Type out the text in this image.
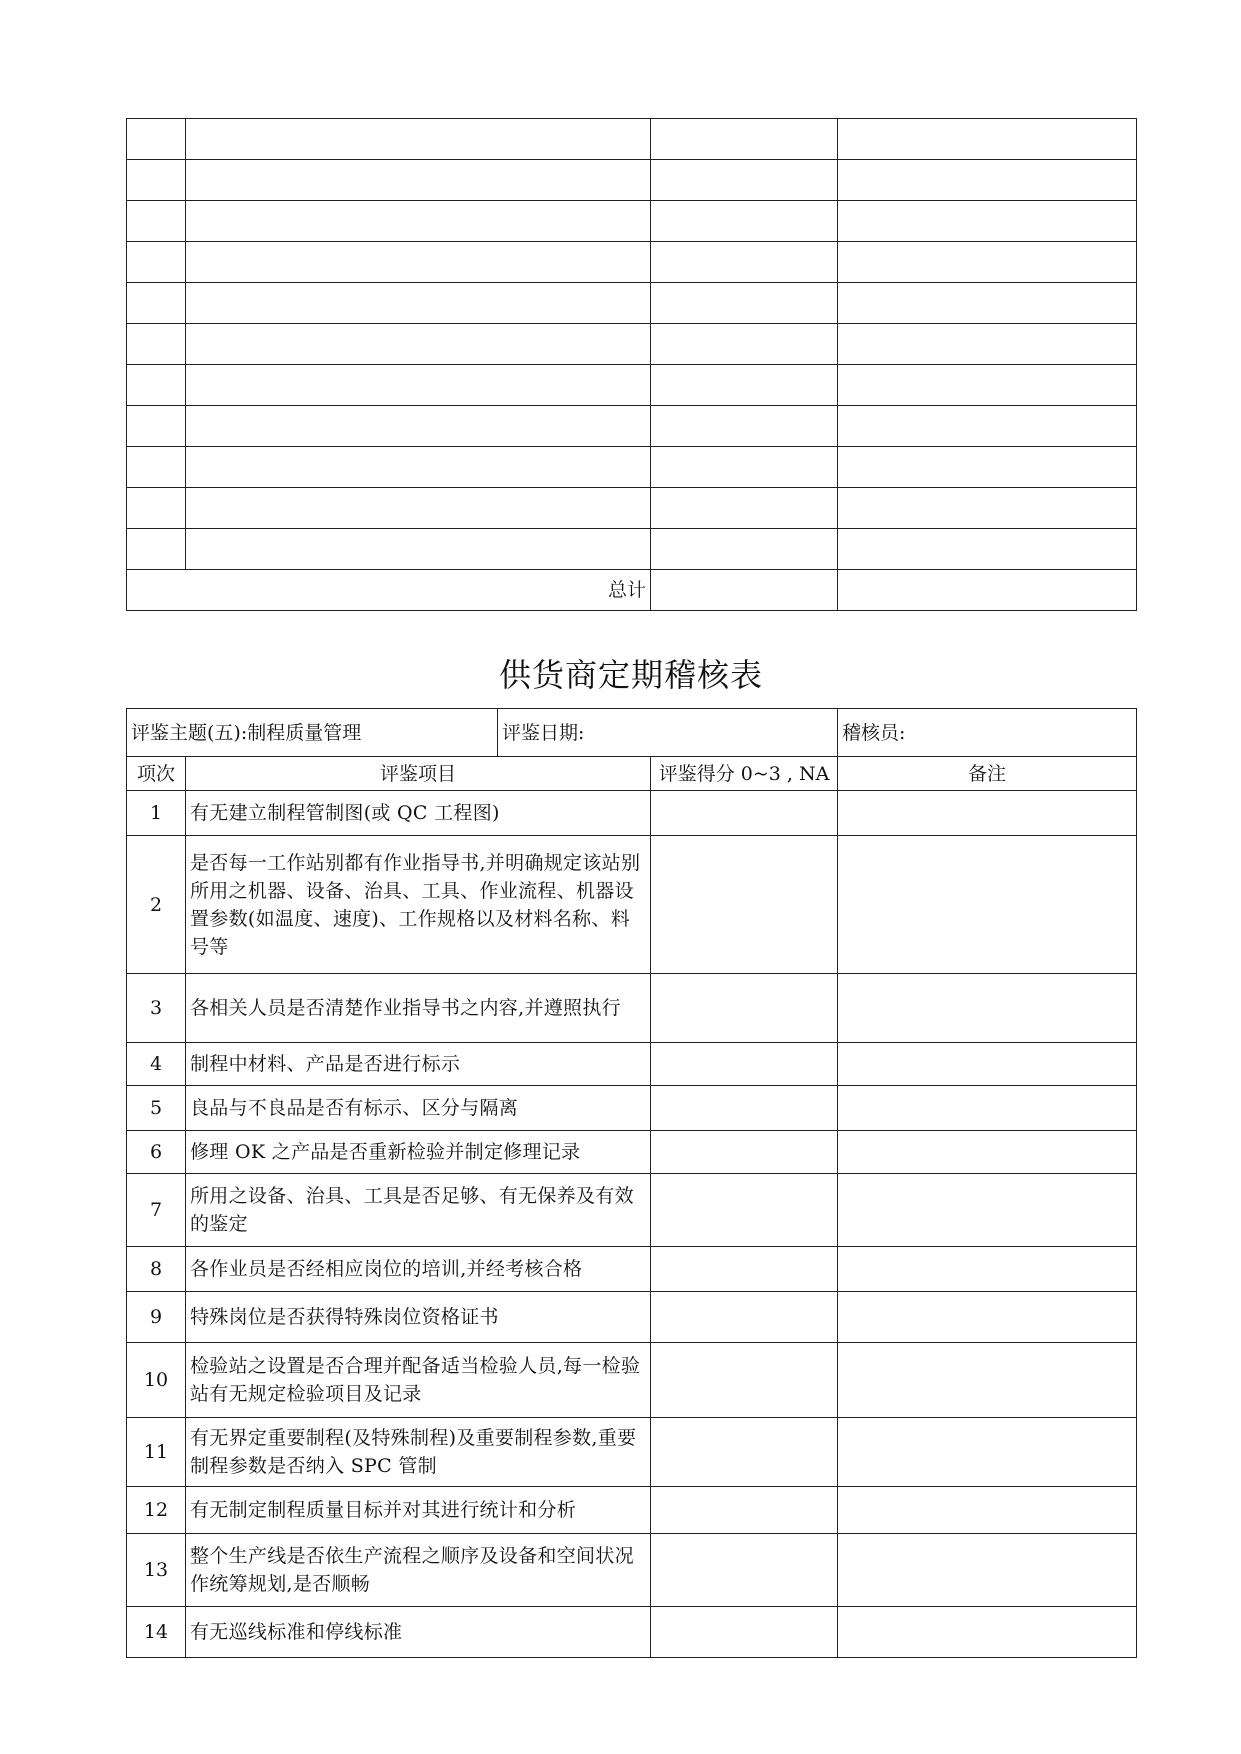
总计			
供货商定期稽核表
评鉴主题(五):制程质量管理		评鉴日期:		稽核员:
项次	评鉴项目		评鉴得分 0~3 , NA	备注
1	有无建立制程管制图(或 QC 工程图)			
2	是否每一工作站别都有作业指导书,并明确规定该站别所用之机器、设备、治具、工具、作业流程、机器设置参数(如温度、速度)、工作规格以及材料名称、料号等			
3	各相关人员是否清楚作业指导书之内容,并遵照执行			
4	制程中材料、产品是否进行标示			
5	良品与不良品是否有标示、区分与隔离			
6	修理 OK 之产品是否重新检验并制定修理记录			
7	所用之设备、治具、工具是否足够、有无保养及有效的鉴定			
8	各作业员是否经相应岗位的培训,并经考核合格			
9	特殊岗位是否获得特殊岗位资格证书			
10	检验站之设置是否合理并配备适当检验人员,每一检验站有无规定检验项目及记录			
11	有无界定重要制程(及特殊制程)及重要制程参数,重要制程参数是否纳入 SPC 管制			
12	有无制定制程质量目标并对其进行统计和分析			
13	整个生产线是否依生产流程之顺序及设备和空间状况作统筹规划,是否顺畅			
14	有无巡线标准和停线标准			
